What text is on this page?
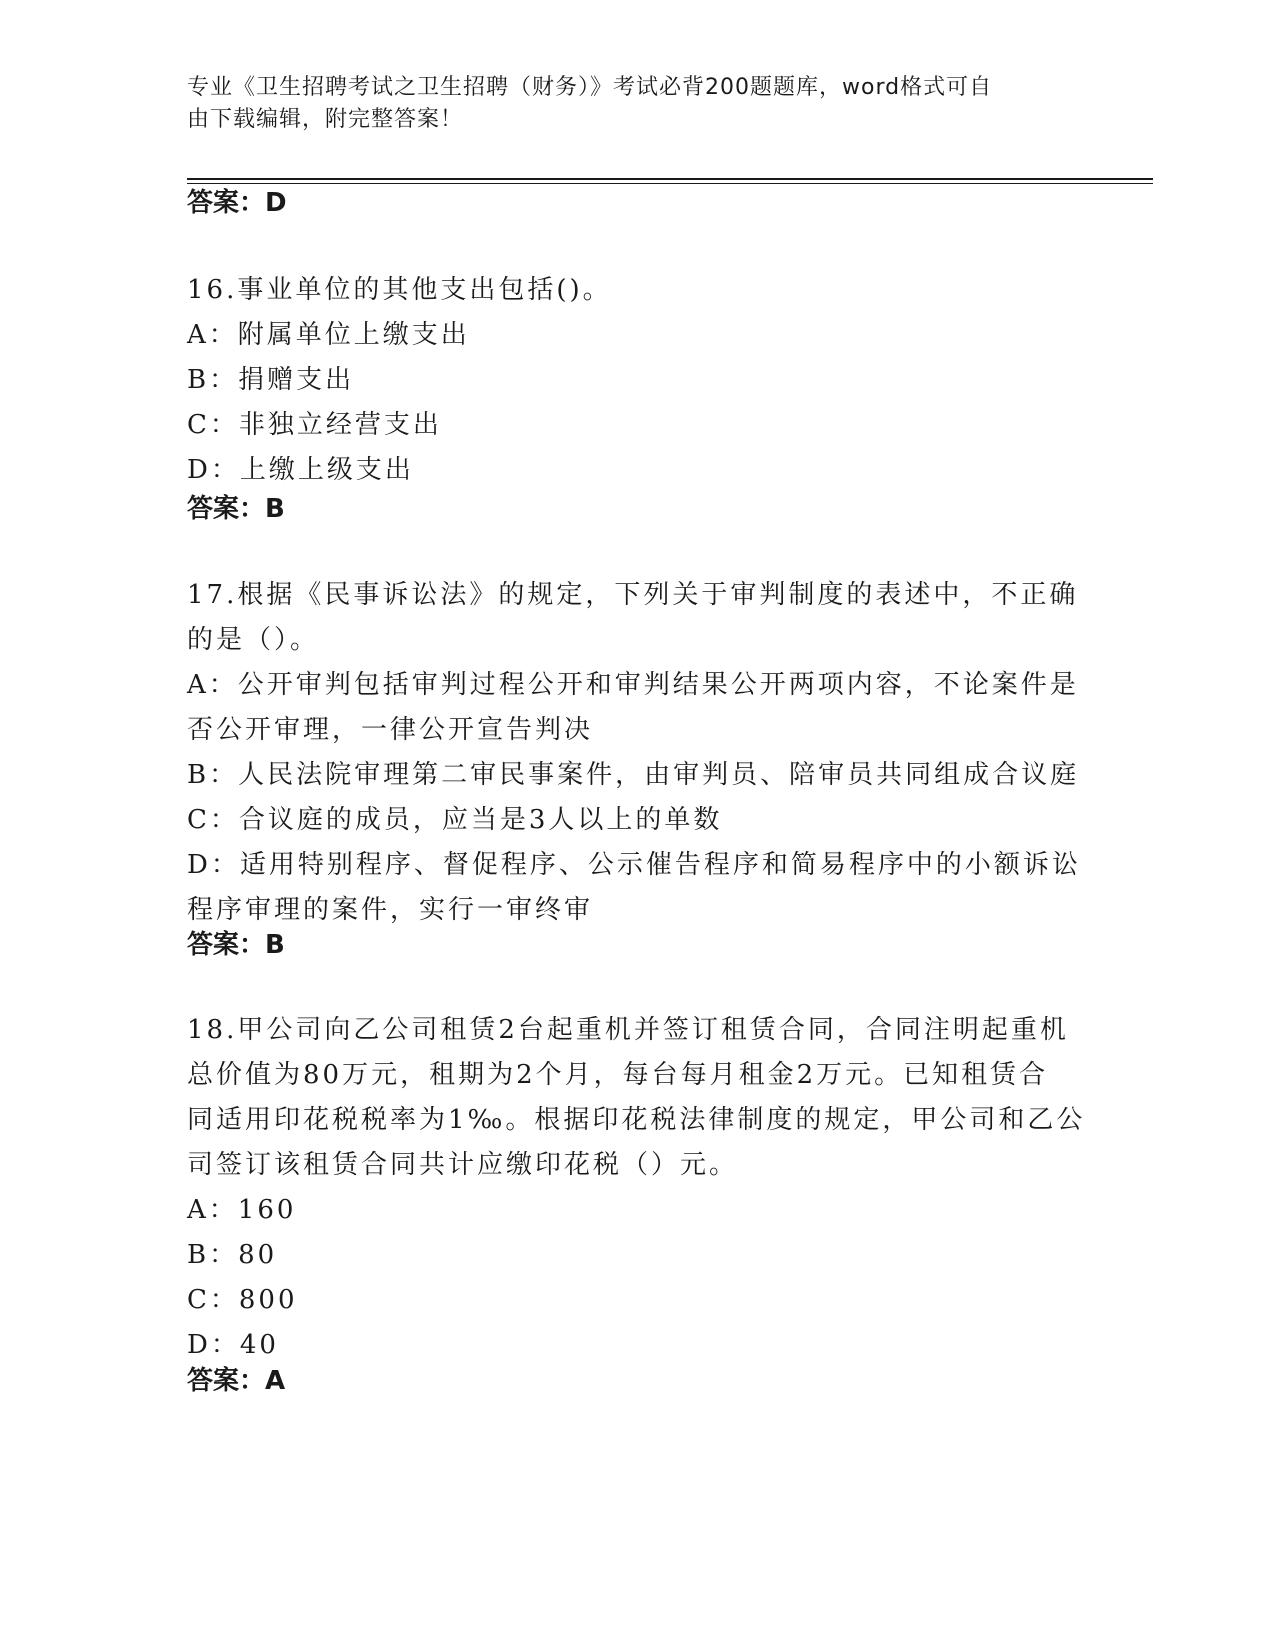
专业《卫生招聘考试之卫生招聘（财务）》考试必背200题题库，word格式可自
由下载编辑，附完整答案！
答案：D
16.事业单位的其他支出包括()。
A：附属单位上缴支出
B：捐赠支出
C：非独立经营支出
D：上缴上级支出
答案：B
17.根据《民事诉讼法》的规定，下列关于审判制度的表述中，不正确
的是（）。
A：公开审判包括审判过程公开和审判结果公开两项内容，不论案件是
否公开审理，一律公开宣告判决
B：人民法院审理第二审民事案件，由审判员、陪审员共同组成合议庭
C：合议庭的成员，应当是3人以上的单数
D：适用特别程序、督促程序、公示催告程序和简易程序中的小额诉讼
程序审理的案件，实行一审终审
答案：B
18.甲公司向乙公司租赁2台起重机并签订租赁合同，合同注明起重机
总价值为80万元，租期为2个月，每台每月租金2万元。已知租赁合
同适用印花税税率为1‰。根据印花税法律制度的规定，甲公司和乙公
司签订该租赁合同共计应缴印花税（）元。
A：160
B：80
C：800
D：40
答案：A
